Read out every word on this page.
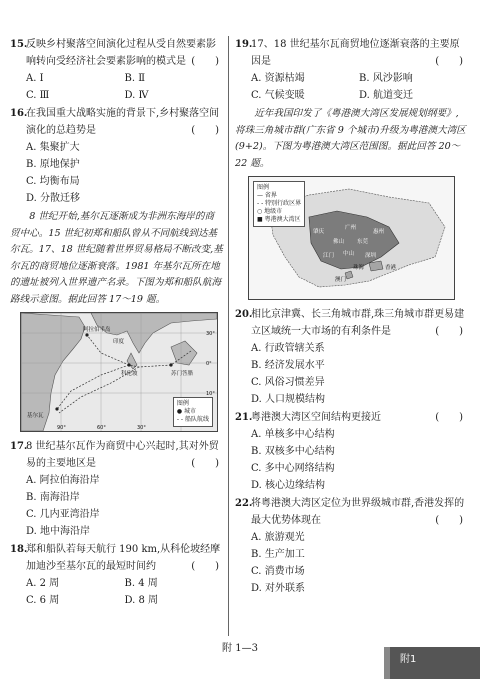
15.
反映乡村聚落空间演化过程从受自然要素影响转向受经济社会要素影响的模式是 (　　)
A. Ⅰ	B. Ⅱ
C. Ⅲ	D. Ⅳ
16.
在我国重大战略实施的背景下,乡村聚落空间演化的总趋势是	(　　)
A. 集聚扩大
B. 原地保护
C. 均衡布局
D. 分散迁移
8 世纪开始,基尔瓦逐渐成为非洲东海岸的商贸中心。15 世纪初郑和船队曾从不同航线到达基尔瓦。17、18 世纪随着世界贸易格局不断改变,基尔瓦的商贸地位逐渐衰落。1981 年基尔瓦所在地的遗址被列入世界遗产名录。下图为郑和船队航海路线示意图。据此回答 17～19 题。
阿拉伯半岛
印度
科伦坡
基尔瓦
苏门答腊
90°	60°	30°
30°
0°
10°
图例
● 城市
- - 船队航线
17.
8 世纪基尔瓦作为商贸中心兴起时,其对外贸易的主要地区是	(　　)
A. 阿拉伯海沿岸
B. 南海沿岸
C. 几内亚湾沿岸
D. 地中海沿岸
18.
郑和船队若每天航行 190 km,从科伦坡经摩加迪沙至基尔瓦的最短时间约	(　　)
A. 2 周	B. 4 周
C. 6 周	D. 8 周
19.
17、18 世纪基尔瓦商贸地位逐渐衰落的主要原因是	(　　)
A. 资源枯竭	B. 风沙影响
C. 气候变暖	D. 航道变迁
近年我国印发了《粤港澳大湾区发展规划纲要》,将珠三角城市群(广东省 9 个城市)升级为粤港澳大湾区(9+2)。下图为粤港澳大湾区范围图。据此回答 20～22 题。
肇庆
广州
惠州
佛山 东莞
江门 中山 深圳
珠海	香港
澳门
图例
— 省界
- - 特别行政区界
○ 地级市
■ 粤港澳大湾区
20.
相比京津冀、长三角城市群,珠三角城市群更易建立区域统一大市场的有利条件是	(　　)
A. 行政管辖关系
B. 经济发展水平
C. 风俗习惯差异
D. 人口规模结构
21.
粤港澳大湾区空间结构更接近	(　　)
A. 单核多中心结构
B. 双核多中心结构
C. 多中心网络结构
D. 核心边缘结构
22.
将粤港澳大湾区定位为世界级城市群,香港发挥的最大优势体现在	(　　)
A. 旅游观光
B. 生产加工
C. 消费市场
D. 对外联系
附 1—3
附1
